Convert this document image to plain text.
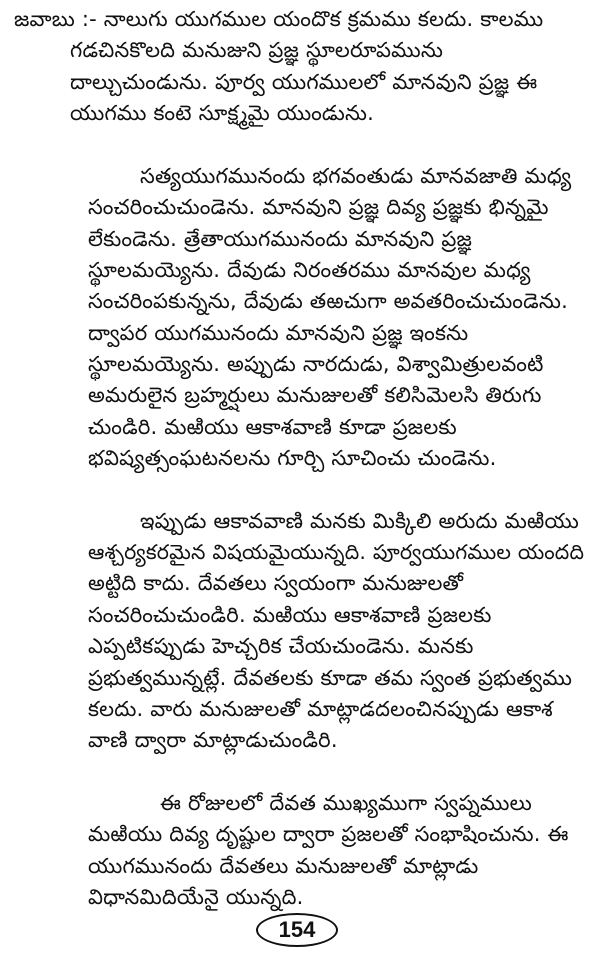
జవాబు :- నాలుగు యుగముల యందొక క్రమము కలదు. కాలము
గడచినకొలది మనుజుని ప్రజ్ఞ స్థూలరూపమును
దాల్చుచుండును. పూర్వ యుగములలో మానవుని ప్రజ్ఞ ఈ
యుగము కంటె సూక్ష్మమై యుండును.
సత్యయుగమునందు భగవంతుడు మానవజాతి మధ్య
సంచరించుచుండెను. మానవుని ప్రజ్ఞ దివ్య ప్రజ్ఞకు భిన్నమై
లేకుండెను. త్రేతాయుగమునందు మానవుని ప్రజ్ఞ
స్థూలమయ్యెను. దేవుడు నిరంతరము మానవుల మధ్య
సంచరింపకున్నను, దేవుడు తఱచుగా అవతరించుచుండెను.
ద్వాపర యుగమునందు మానవుని ప్రజ్ఞ ఇంకను
స్థూలమయ్యెను. అప్పుడు నారదుడు, విశ్వామిత్రులవంటి
అమరులైన బ్రహ్మర్షులు మనుజులతో కలిసిమెలసి తిరుగు
చుండిరి. మఱియు ఆకాశవాణి కూడా ప్రజలకు
భవిష్యత్సంఘటనలను గూర్చి సూచించు చుండెను.
ఇప్పుడు ఆకావవాణి మనకు మిక్కిలి అరుదు మఱియు
ఆశ్చర్యకరమైన విషయమైయున్నది. పూర్వయుగముల యందది
అట్టిది కాదు. దేవతలు స్వయంగా మనుజులతో
సంచరించుచుండిరి. మఱియు ఆకాశవాణి ప్రజలకు
ఎప్పటికప్పుడు హెచ్చరిక చేయచుండెను. మనకు
ప్రభుత్వమున్నట్లే. దేవతలకు కూడా తమ స్వంత ప్రభుత్వము
కలదు. వారు మనుజులతో మాట్లాడదలంచినప్పుడు ఆకాశ
వాణి ద్వారా మాట్లాడుచుండిరి.
ఈ రోజులలో దేవత ముఖ్యముగా స్వప్నములు
మఱియు దివ్య దృష్టుల ద్వారా ప్రజలతో సంభాషించును. ఈ
యుగమునందు దేవతలు మనుజులతో మాట్లాడు
విధానమిదియేనై యున్నది.
154
